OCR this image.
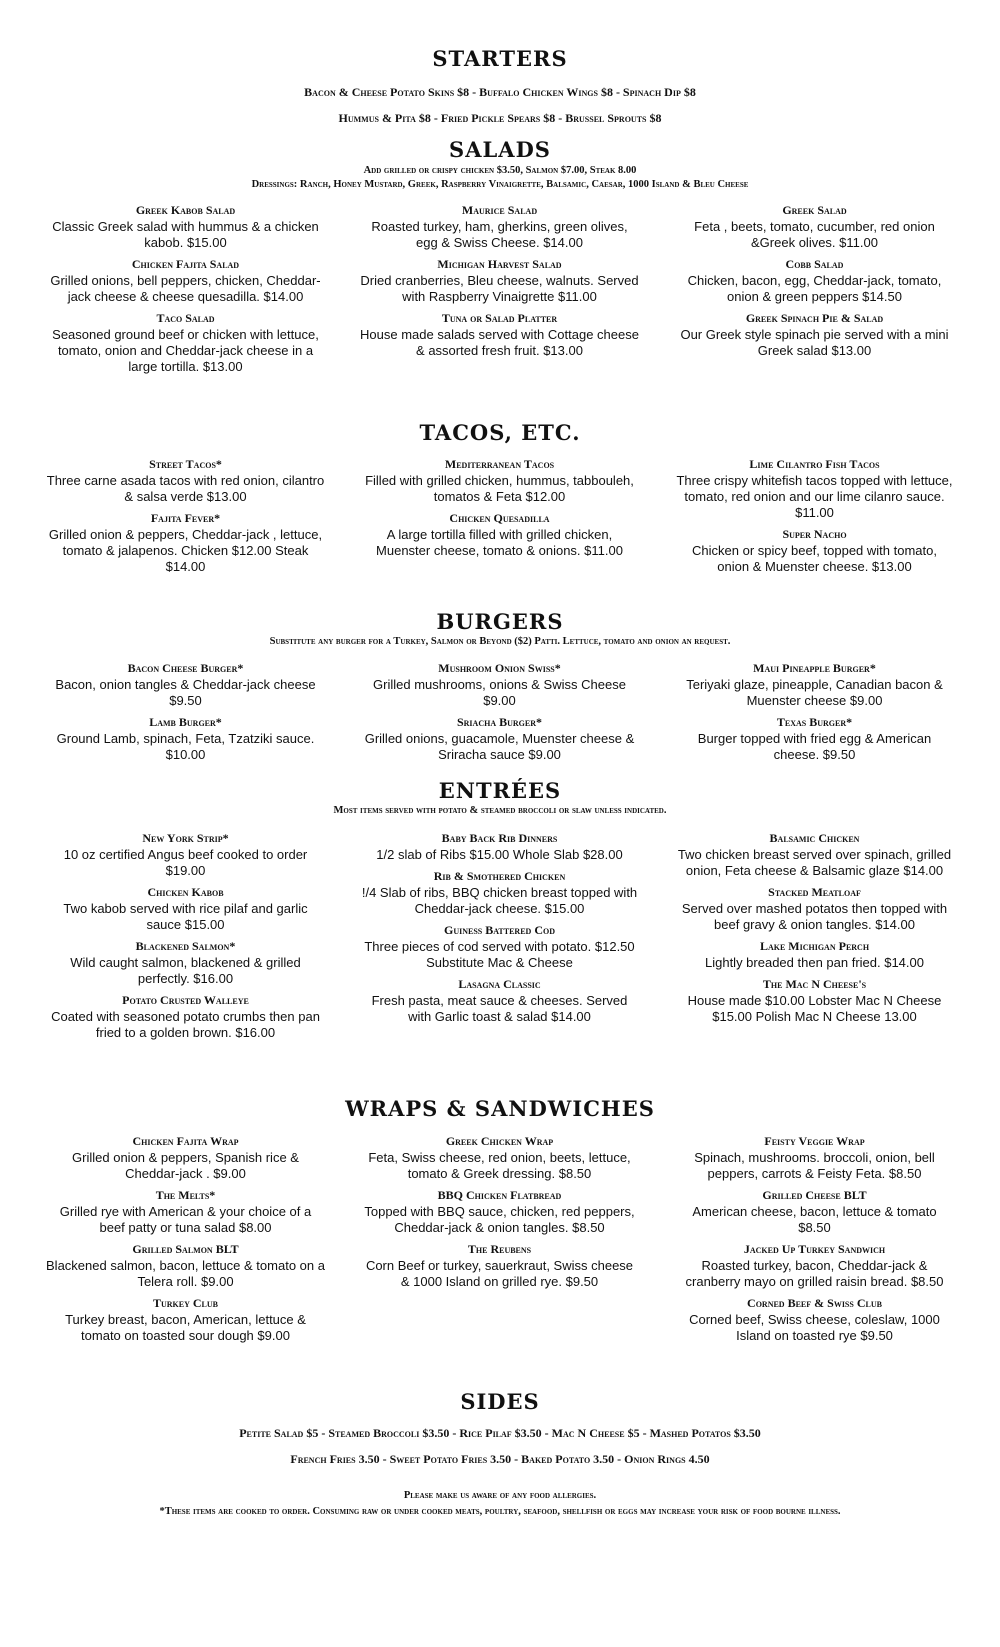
STARTERS
Bacon & Cheese Potato Skins $8 - Buffalo Chicken Wings $8 - Spinach Dip $8
Hummus & Pita $8 - Fried Pickle Spears $8 - Brussel Sprouts $8
SALADS
Add grilled or crispy chicken $3.50, Salmon $7.00, Steak 8.00
Dressings: Ranch, Honey Mustard, Greek, Raspberry Vinaigrette, Balsamic, Caesar, 1000 Island & Bleu Cheese
Greek Kabob Salad
Classic Greek salad with hummus & a chicken kabob. $15.00
Chicken Fajita Salad
Grilled onions, bell peppers, chicken, Cheddar-jack cheese & cheese quesadilla. $14.00
Taco Salad
Seasoned ground beef or chicken with lettuce, tomato, onion and Cheddar-jack cheese in a large tortilla. $13.00
Maurice Salad
Roasted turkey, ham, gherkins, green olives, egg & Swiss Cheese. $14.00
Michigan Harvest Salad
Dried cranberries, Bleu cheese, walnuts. Served with Raspberry Vinaigrette $11.00
Tuna or Salad Platter
House made salads served with Cottage cheese & assorted fresh fruit. $13.00
Greek Salad
Feta , beets, tomato, cucumber, red onion &Greek olives. $11.00
Cobb Salad
Chicken, bacon, egg, Cheddar-jack, tomato, onion & green peppers $14.50
Greek Spinach Pie & Salad
Our Greek style spinach pie served with a mini Greek salad $13.00
TACOS, ETC.
Street Tacos*
Three carne asada tacos with red onion, cilantro & salsa verde $13.00
Fajita Fever*
Grilled onion & peppers, Cheddar-jack , lettuce, tomato & jalapenos. Chicken $12.00 Steak $14.00
Mediterranean Tacos
Filled with grilled chicken, hummus, tabbouleh, tomatos & Feta $12.00
Chicken Quesadilla
A large tortilla filled with grilled chicken, Muenster cheese, tomato & onions. $11.00
Lime Cilantro Fish Tacos
Three crispy whitefish tacos topped with lettuce, tomato, red onion and our lime cilanro sauce. $11.00
Super Nacho
Chicken or spicy beef, topped with tomato, onion & Muenster cheese. $13.00
BURGERS
Substitute any burger for a Turkey, Salmon or Beyond ($2) Patti. Lettuce, tomato and onion an request.
Bacon Cheese Burger*
Bacon, onion tangles & Cheddar-jack cheese $9.50
Lamb Burger*
Ground Lamb, spinach, Feta, Tzatziki sauce. $10.00
Mushroom Onion Swiss*
Grilled mushrooms, onions & Swiss Cheese $9.00
Sriacha Burger*
Grilled onions, guacamole, Muenster cheese & Sriracha sauce $9.00
Maui Pineapple Burger*
Teriyaki glaze, pineapple, Canadian bacon & Muenster cheese $9.00
Texas Burger*
Burger topped with fried egg & American cheese. $9.50
ENTRÉES
Most items served with potato & steamed broccoli or slaw unless indicated.
New York Strip*
10 oz certified Angus beef cooked to order $19.00
Chicken Kabob
Two kabob served with rice pilaf and garlic sauce $15.00
Blackened Salmon*
Wild caught salmon, blackened & grilled perfectly. $16.00
Potato Crusted Walleye
Coated with seasoned potato crumbs then pan fried to a golden brown. $16.00
Baby Back Rib Dinners
1/2 slab of Ribs $15.00 Whole Slab $28.00
Rib & Smothered Chicken
!/4 Slab of ribs, BBQ chicken breast topped with Cheddar-jack cheese. $15.00
Guiness Battered Cod
Three pieces of cod served with potato. $12.50 Substitute Mac & Cheese
Lasagna Classic
Fresh pasta, meat sauce & cheeses. Served with Garlic toast & salad $14.00
Balsamic Chicken
Two chicken breast served over spinach, grilled onion, Feta cheese & Balsamic glaze $14.00
Stacked Meatloaf
Served over mashed potatos then topped with beef gravy & onion tangles. $14.00
Lake Michigan Perch
Lightly breaded then pan fried. $14.00
The Mac N Cheese's
House made $10.00 Lobster Mac N Cheese $15.00 Polish Mac N Cheese 13.00
WRAPS & SANDWICHES
Chicken Fajita Wrap
Grilled onion & peppers, Spanish rice & Cheddar-jack . $9.00
The Melts*
Grilled rye with American & your choice of a beef patty or tuna salad $8.00
Grilled Salmon BLT
Blackened salmon, bacon, lettuce & tomato on a Telera roll. $9.00
Turkey Club
Turkey breast, bacon, American, lettuce & tomato on toasted sour dough $9.00
Greek Chicken Wrap
Feta, Swiss cheese, red onion, beets, lettuce, tomato & Greek dressing. $8.50
BBQ Chicken Flatbread
Topped with BBQ sauce, chicken, red peppers, Cheddar-jack & onion tangles. $8.50
The Reubens
Corn Beef or turkey, sauerkraut, Swiss cheese & 1000 Island on grilled rye. $9.50
Feisty Veggie Wrap
Spinach, mushrooms. broccoli, onion, bell peppers, carrots & Feisty Feta. $8.50
Grilled Cheese BLT
American cheese, bacon, lettuce & tomato $8.50
Jacked Up Turkey Sandwich
Roasted turkey, bacon, Cheddar-jack & cranberry mayo on grilled raisin bread. $8.50
Corned Beef & Swiss Club
Corned beef, Swiss cheese, coleslaw, 1000 Island on toasted rye $9.50
SIDES
Petite Salad $5 - Steamed Broccoli $3.50 - Rice Pilaf $3.50 - Mac N Cheese $5 - Mashed Potatos $3.50
French Fries 3.50 - Sweet Potato Fries 3.50 - Baked Potato 3.50 - Onion Rings 4.50
Please make us aware of any food allergies.
*These items are cooked to order. Consuming raw or under cooked meats, poultry, seafood, shellfish or eggs may increase your risk of food bourne illness.
